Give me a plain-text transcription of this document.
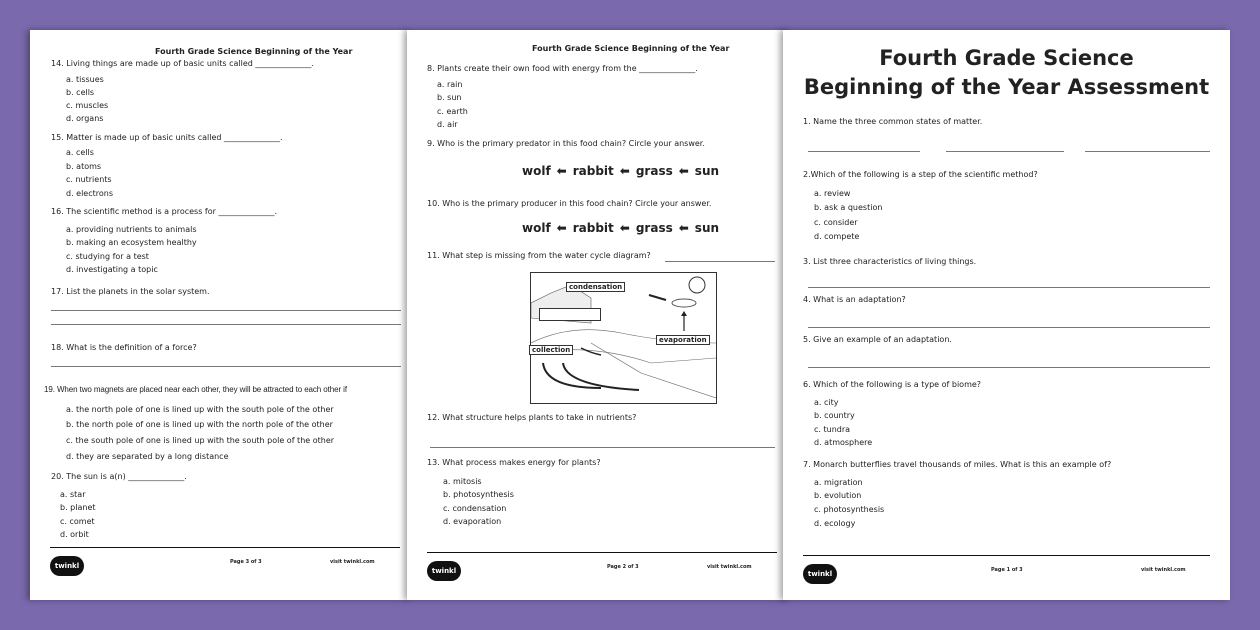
Fourth Grade Science Beginning of the Year
14. Living things are made up of basic units called ______________.
a. tissues
b. cells
c. muscles
d. organs
15. Matter is made up of basic units called ______________.
a. cells
b. atoms
c. nutrients
d. electrons
16. The scientific method is a process for ______________.
a. providing nutrients to animals
b. making an ecosystem healthy
c. studying for a test
d. investigating a topic
17. List the planets in the solar system.
18. What is the definition of a force?
19. When two magnets are placed near each other, they will be attracted to each other if
a. the north pole of one is lined up with the south pole of the other
b. the north pole of one is lined up with the north pole of the other
c. the south pole of one is lined up with the south pole of the other
d. they are separated by a long distance
20. The sun is a(n) ______________.
a. star
b. planet
c. comet
d. orbit
twinkl	Page 3 of 3	visit twinkl.com
Fourth Grade Science Beginning of the Year
8. Plants create their own food with energy from the ______________.
a. rain
b. sun
c. earth
d. air
9. Who is the primary predator in this food chain? Circle your answer.
10. Who is the primary producer in this food chain? Circle your answer.
11. What step is missing from the water cycle diagram?
12. What structure helps plants to take in nutrients?
13. What process makes energy for plants?
a. mitosis
b. photosynthesis
c. condensation
d. evaporation
twinkl	Page 2 of 3	visit twinkl.com
wolf ⬅ rabbit ⬅ grass ⬅ sun
wolf ⬅ rabbit ⬅ grass ⬅ sun
condensation
evaporation
collection
Fourth Grade Science
Beginning of the Year Assessment
1. Name the three common states of matter.
2.Which of the following is a step of the scientific method?
a. review
b. ask a question
c. consider
d. compete
3. List three characteristics of living things.
4. What is an adaptation?
5. Give an example of an adaptation.
6. Which of the following is a type of biome?
a. city
b. country
c. tundra
d. atmosphere
7. Monarch butterflies travel thousands of miles. What is this an example of?
a. migration
b. evolution
c. photosynthesis
d. ecology
twinkl	Page 1 of 3	visit twinkl.com
